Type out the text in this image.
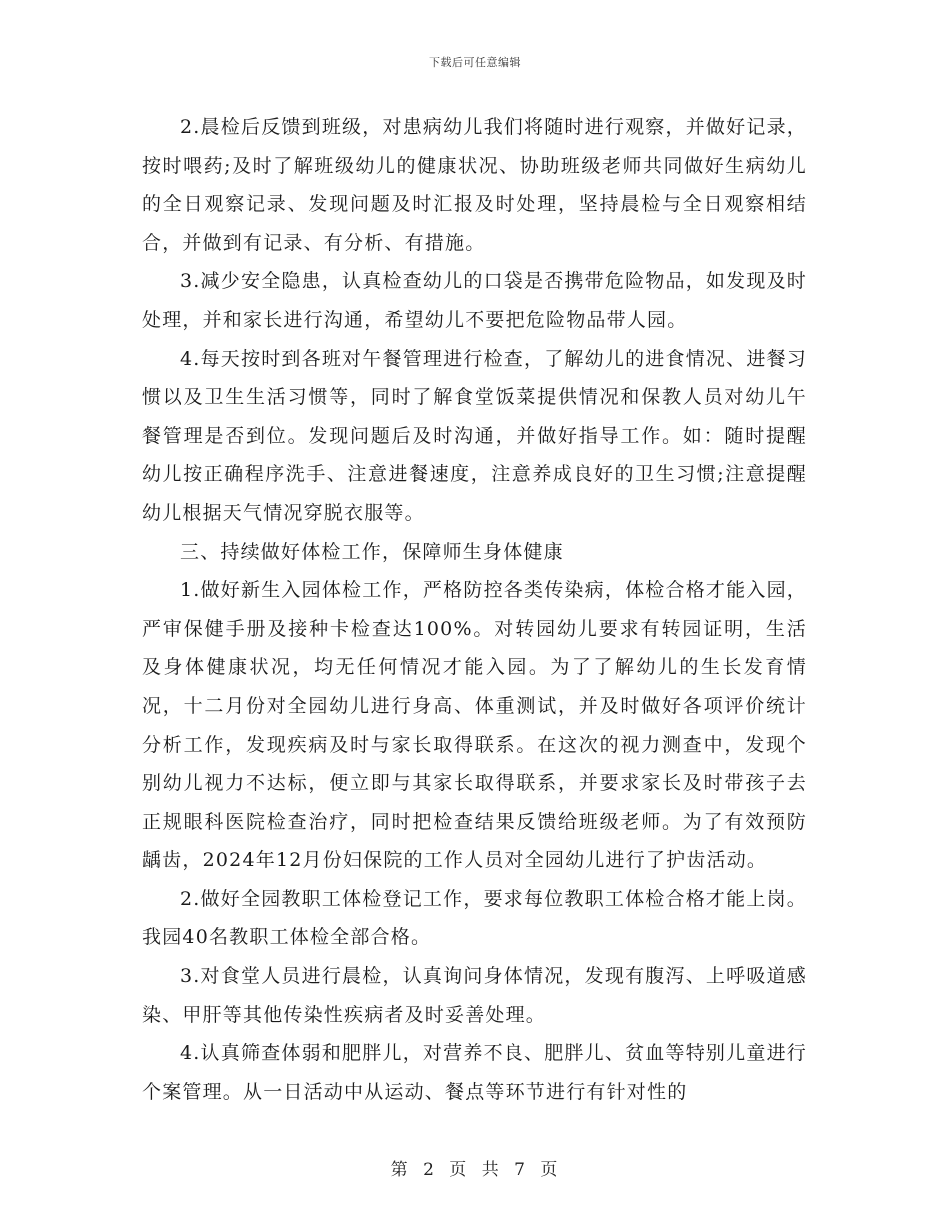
下载后可任意编辑

2.晨检后反馈到班级，对患病幼儿我们将随时进行观察，并做好记录，按时喂药;及时了解班级幼儿的健康状况、协助班级老师共同做好生病幼儿的全日观察记录、发现问题及时汇报及时处理，坚持晨检与全日观察相结合，并做到有记录、有分析、有措施。

3.减少安全隐患，认真检查幼儿的口袋是否携带危险物品，如发现及时处理，并和家长进行沟通，希望幼儿不要把危险物品带人园。

4.每天按时到各班对午餐管理进行检查，了解幼儿的进食情况、进餐习惯以及卫生生活习惯等，同时了解食堂饭菜提供情况和保教人员对幼儿午餐管理是否到位。发现问题后及时沟通，并做好指导工作。如：随时提醒幼儿按正确程序洗手、注意进餐速度，注意养成良好的卫生习惯;注意提醒幼儿根据天气情况穿脱衣服等。

三、持续做好体检工作，保障师生身体健康

1.做好新生入园体检工作，严格防控各类传染病，体检合格才能入园，严审保健手册及接种卡检查达100%。对转园幼儿要求有转园证明，生活及身体健康状况，均无任何情况才能入园。为了了解幼儿的生长发育情况，十二月份对全园幼儿进行身高、体重测试，并及时做好各项评价统计分析工作，发现疾病及时与家长取得联系。在这次的视力测查中，发现个别幼儿视力不达标，便立即与其家长取得联系，并要求家长及时带孩子去正规眼科医院检查治疗，同时把检查结果反馈给班级老师。为了有效预防龋齿，2024年12月份妇保院的工作人员对全园幼儿进行了护齿活动。

2.做好全园教职工体检登记工作，要求每位教职工体检合格才能上岗。我园40名教职工体检全部合格。

3.对食堂人员进行晨检，认真询问身体情况，发现有腹泻、上呼吸道感染、甲肝等其他传染性疾病者及时妥善处理。

4.认真筛查体弱和肥胖儿，对营养不良、肥胖儿、贫血等特别儿童进行个案管理。从一日活动中从运动、餐点等环节进行有针对性的

第 2 页 共 7 页
